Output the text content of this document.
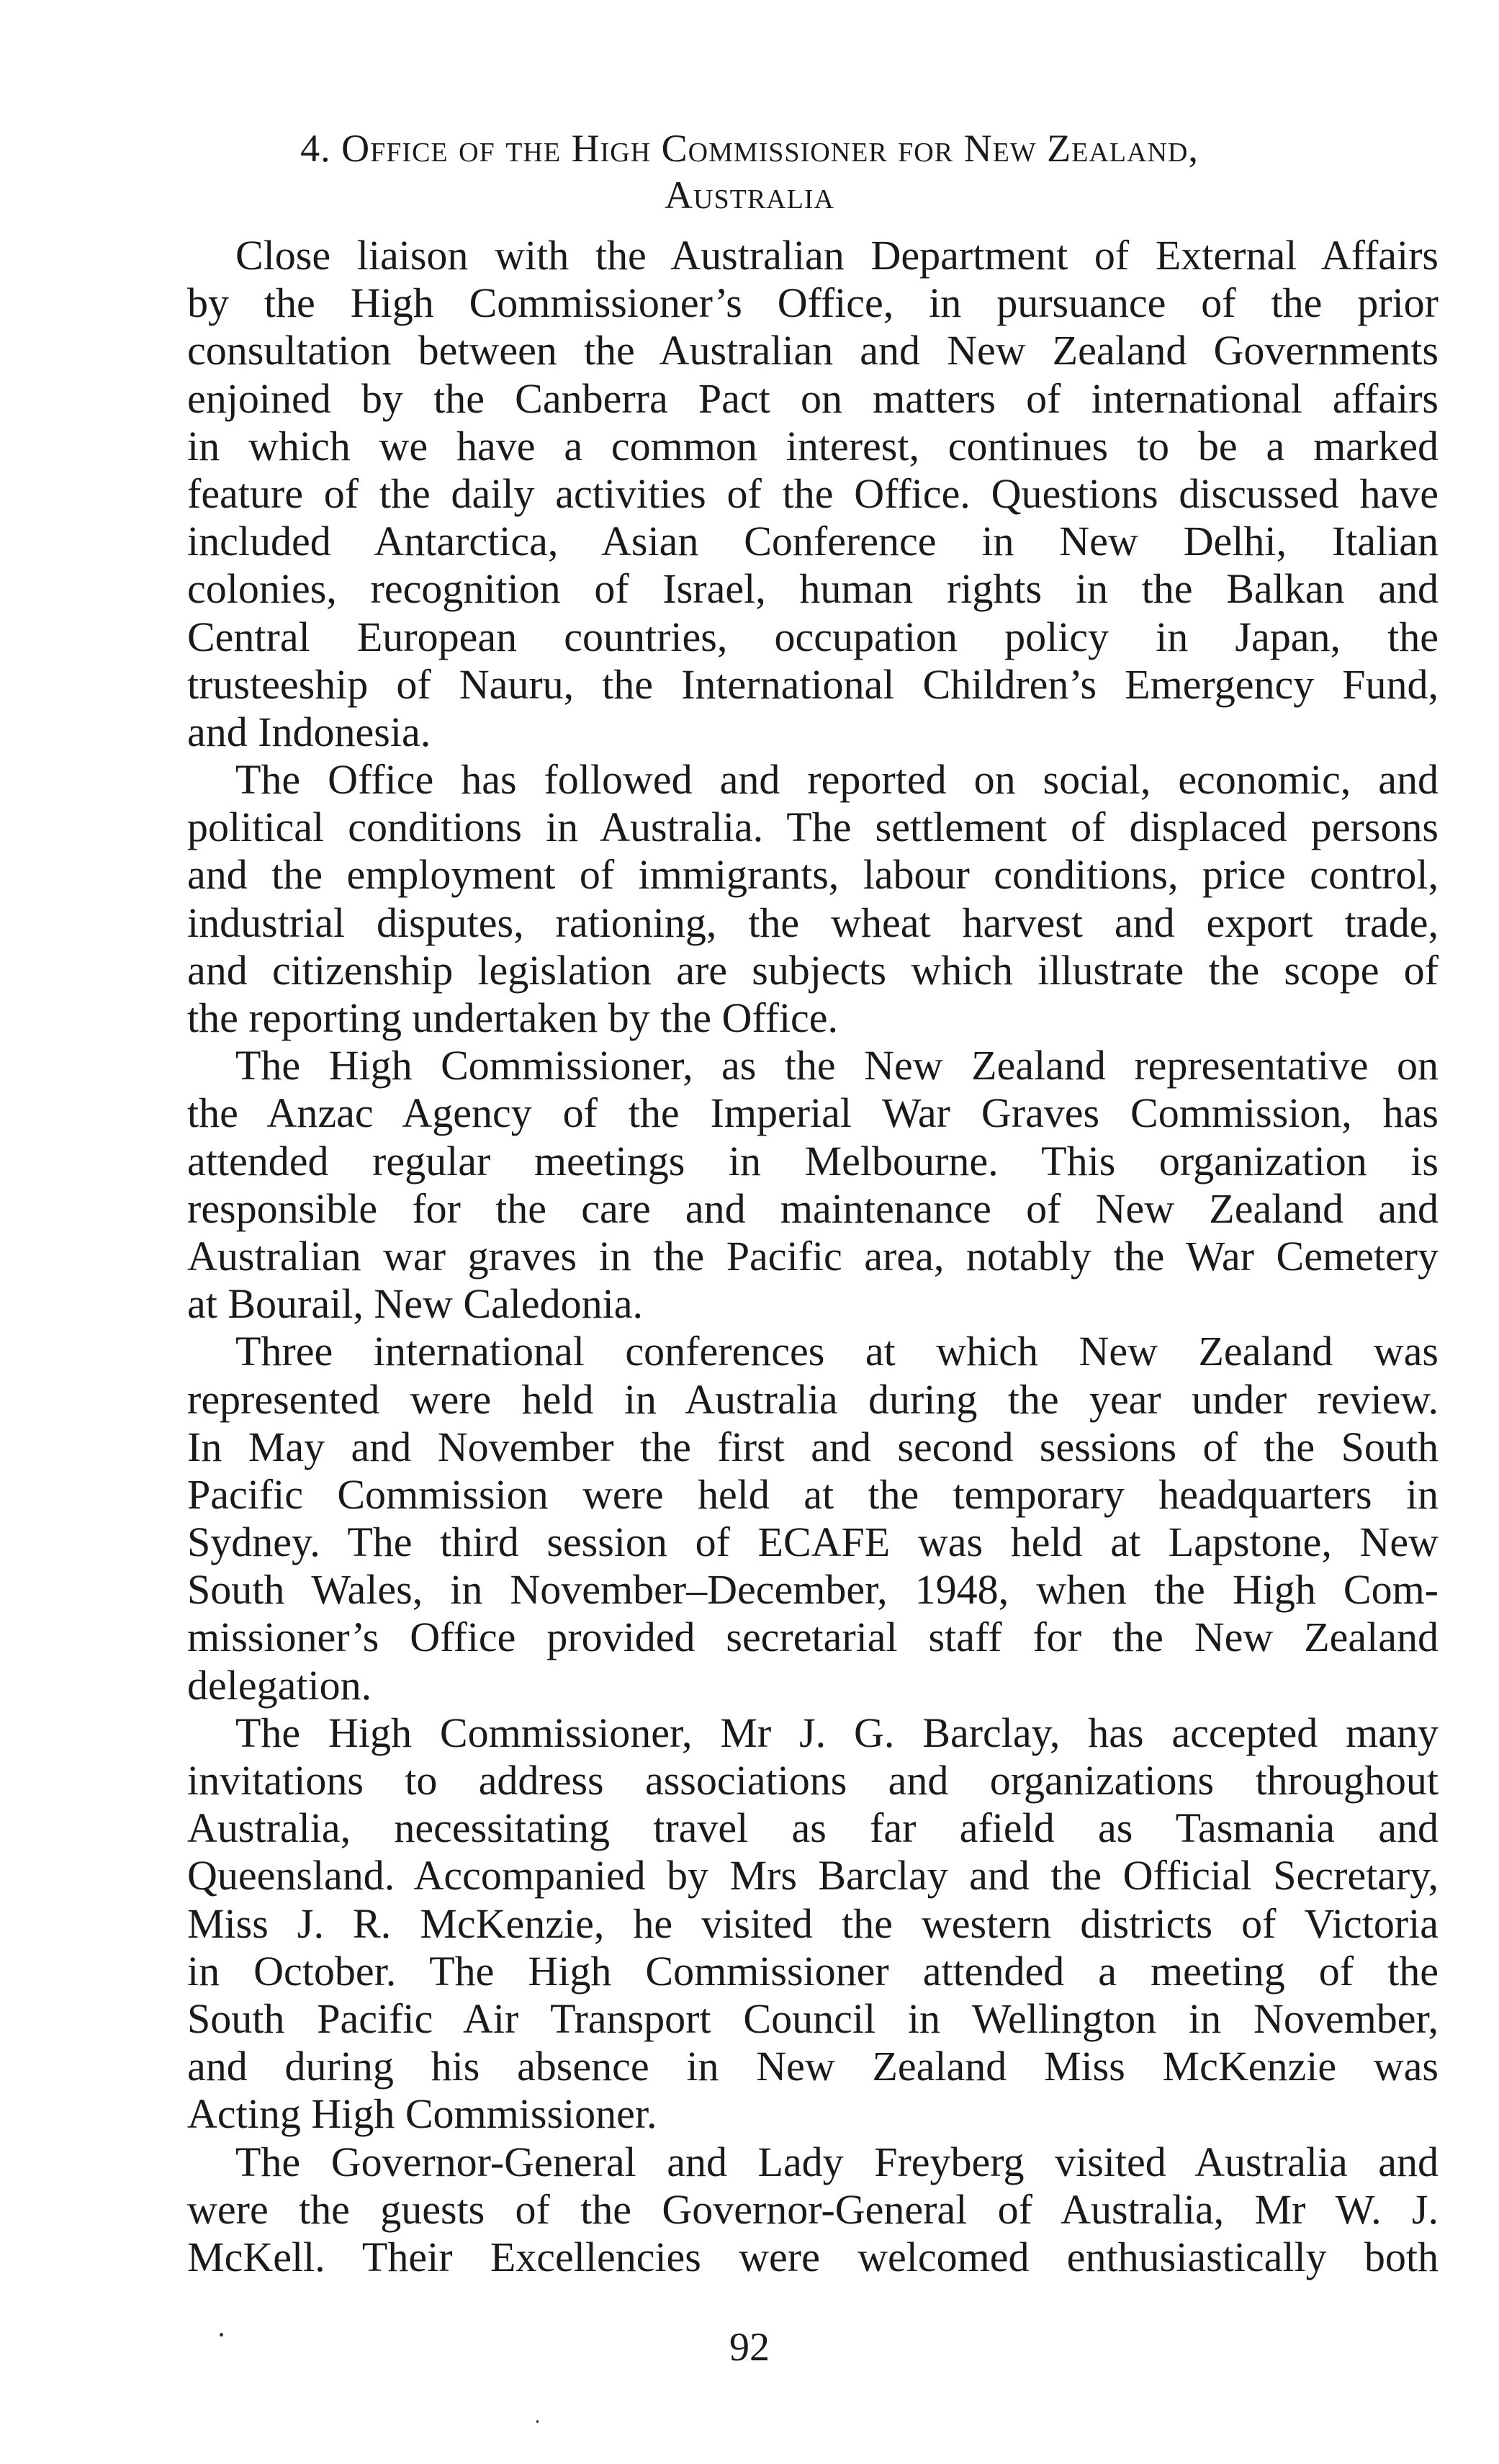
4. Office of the High Commissioner for New Zealand,
Australia
Close liaison with the Australian Department of External Affairs
by the High Commissioner’s Office, in pursuance of the prior
consultation between the Australian and New Zealand Governments
enjoined by the Canberra Pact on matters of international affairs
in which we have a common interest, continues to be a marked
feature of the daily activities of the Office. Questions discussed have
included Antarctica, Asian Conference in New Delhi, Italian
colonies, recognition of Israel, human rights in the Balkan and
Central European countries, occupation policy in Japan, the
trusteeship of Nauru, the International Children’s Emergency Fund,
and Indonesia.
The Office has followed and reported on social, economic, and
political conditions in Australia. The settlement of displaced persons
and the employment of immigrants, labour conditions, price control,
industrial disputes, rationing, the wheat harvest and export trade,
and citizenship legislation are subjects which illustrate the scope of
the reporting undertaken by the Office.
The High Commissioner, as the New Zealand representative on
the Anzac Agency of the Imperial War Graves Commission, has
attended regular meetings in Melbourne. This organization is
responsible for the care and maintenance of New Zealand and
Australian war graves in the Pacific area, notably the War Cemetery
at Bourail, New Caledonia.
Three international conferences at which New Zealand was
represented were held in Australia during the year under review.
In May and November the first and second sessions of the South
Pacific Commission were held at the temporary headquarters in
Sydney. The third session of ECAFE was held at Lapstone, New
South Wales, in November–December, 1948, when the High Com-
missioner’s Office provided secretarial staff for the New Zealand
delegation.
The High Commissioner, Mr J. G. Barclay, has accepted many
invitations to address associations and organizations throughout
Australia, necessitating travel as far afield as Tasmania and
Queensland. Accompanied by Mrs Barclay and the Official Secretary,
Miss J. R. McKenzie, he visited the western districts of Victoria
in October. The High Commissioner attended a meeting of the
South Pacific Air Transport Council in Wellington in November,
and during his absence in New Zealand Miss McKenzie was
Acting High Commissioner.
The Governor-General and Lady Freyberg visited Australia and
were the guests of the Governor-General of Australia, Mr W. J.
McKell. Their Excellencies were welcomed enthusiastically both
92
